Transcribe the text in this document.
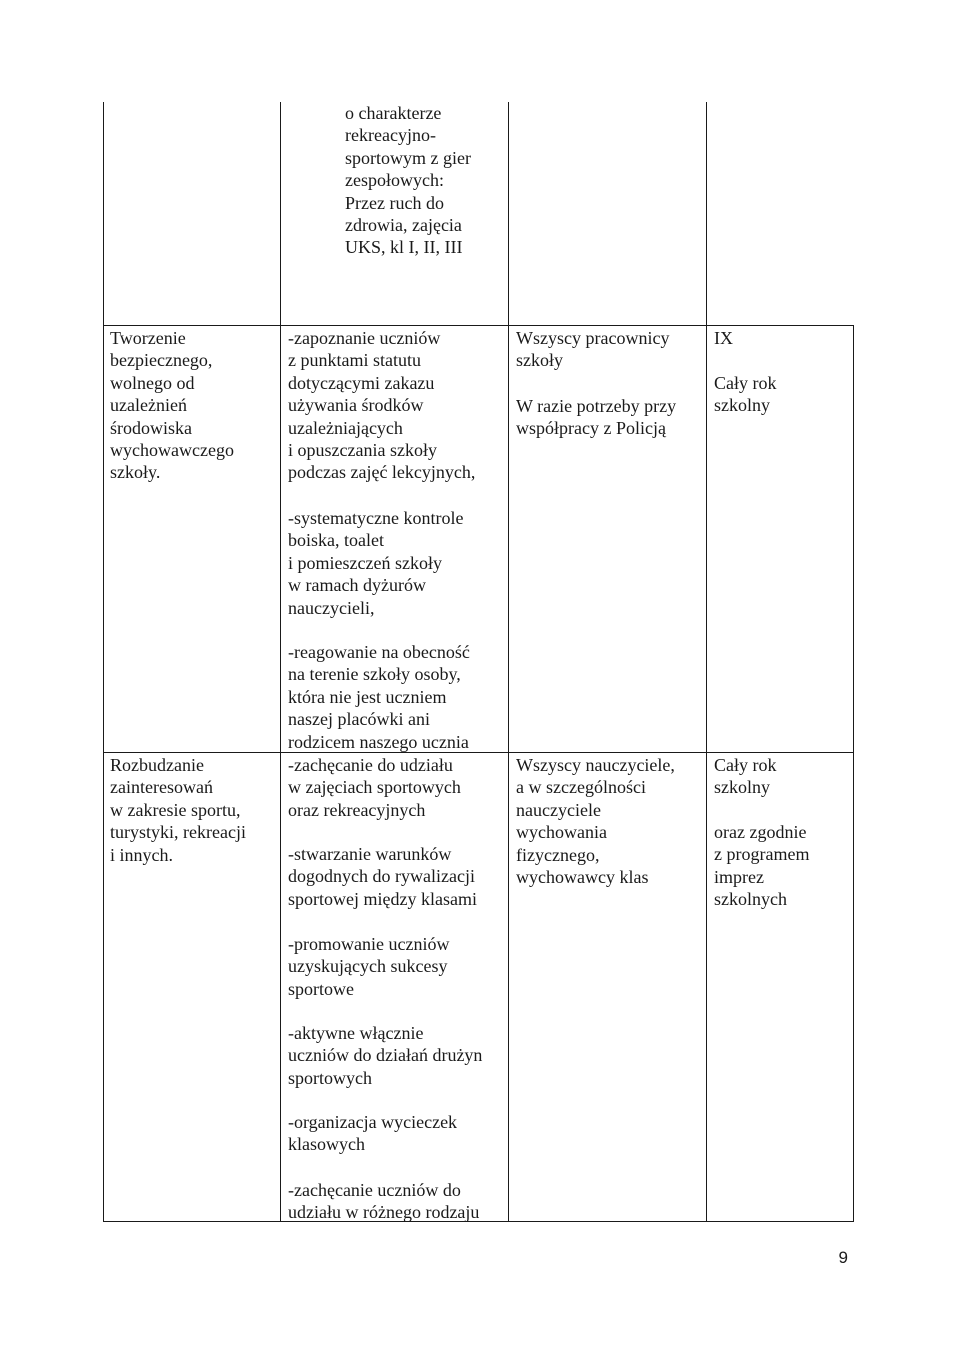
o charakterze
rekreacyjno-
sportowym z gier
zespołowych:
Przez ruch do
zdrowia, zajęcia
UKS, kl I, II, III

Tworzenie
bezpiecznego,
wolnego od
uzależnień
środowiska
wychowawczego
szkoły.

-zapoznanie uczniów
z punktami statutu
dotyczącymi zakazu
używania środków
uzależniających
i opuszczania szkoły
podczas zajęć lekcyjnych,

-systematyczne kontrole
boiska, toalet
i pomieszczeń szkoły
w ramach dyżurów
nauczycieli,

-reagowanie na obecność
na terenie szkoły osoby,
która nie jest uczniem
naszej placówki ani
rodzicem naszego ucznia

Wszyscy pracownicy
szkoły

W razie potrzeby przy
współpracy z Policją

IX

Cały rok
szkolny

Rozbudzanie
zainteresowań
w zakresie sportu,
turystyki, rekreacji
i innych.

-zachęcanie do udziału
w zajęciach sportowych
oraz rekreacyjnych

-stwarzanie warunków
dogodnych do rywalizacji
sportowej między klasami

-promowanie uczniów
uzyskujących sukcesy
sportowe

-aktywne włącznie
uczniów do działań drużyn
sportowych

-organizacja wycieczek
klasowych

-zachęcanie uczniów do
udziału w różnego rodzaju

Wszyscy nauczyciele,
a w szczególności
nauczyciele
wychowania
fizycznego,
wychowawcy klas

Cały rok
szkolny

oraz zgodnie
z programem
imprez
szkolnych

9
